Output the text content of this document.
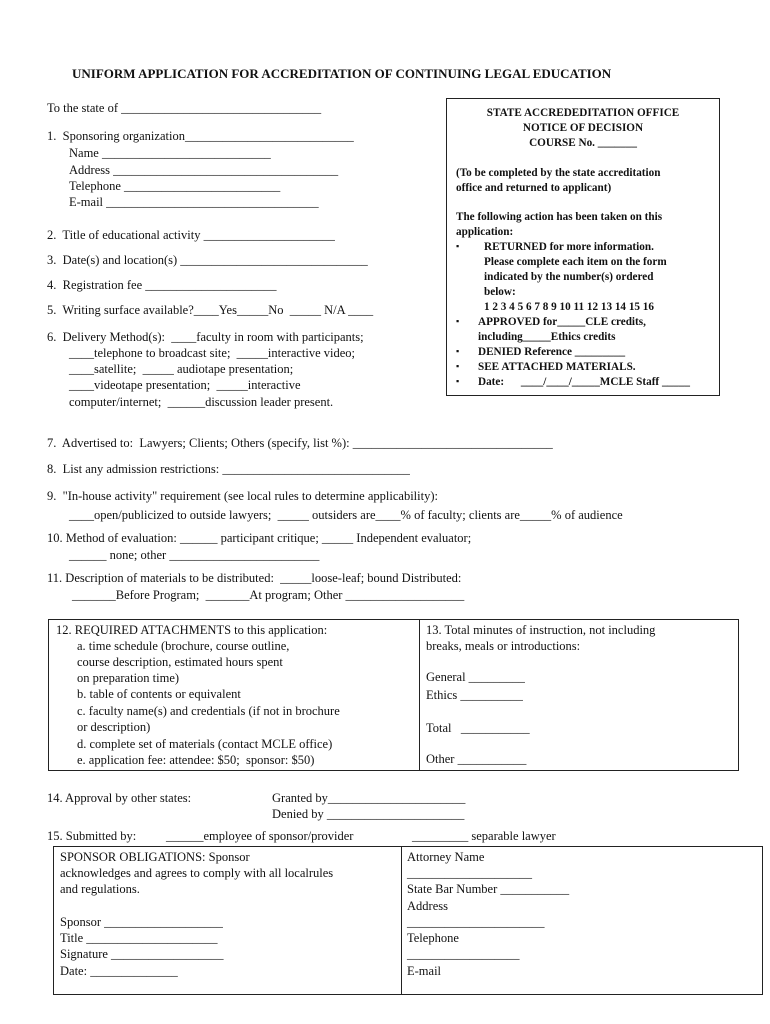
UNIFORM APPLICATION FOR ACCREDITATION OF CONTINUING LEGAL EDUCATION
To the state of ________________________________
1.  Sponsoring organization___________________________
Name ___________________________
Address ____________________________________
Telephone _________________________
E-mail __________________________________
2.  Title of educational activity _____________________
3.  Date(s) and location(s) ______________________________
4.  Registration fee _____________________
5.  Writing surface available?____Yes_____No  _____ N/A ____
6.  Delivery Method(s):  ____faculty in room with participants;
____telephone to broadcast site;  _____interactive video;
____satellite;  _____ audiotape presentation;
____videotape presentation;  _____interactive
computer/internet;  ______discussion leader present.
STATE ACCREDEDITATION OFFICE
NOTICE OF DECISION
COURSE No. _______
(To be completed by the state accreditation
office and returned to applicant)
The following action has been taken on this
application:
▪ RETURNED for more information.
Please complete each item on the form
indicated by the number(s) ordered
below:
1 2 3 4 5 6 7 8 9 10 11 12 13 14 15 16
▪ APPROVED for_____CLE credits,
including_____Ethics credits
▪ DENIED Reference _________
▪ SEE ATTACHED MATERIALS.
▪ Date:      ____/____/_____MCLE Staff _____
7.  Advertised to:  Lawyers; Clients; Others (specify, list %): ________________________________
8.  List any admission restrictions: ______________________________
9.  "In-house activity" requirement (see local rules to determine applicability):
____open/publicized to outside lawyers;  _____ outsiders are____% of faculty; clients are_____% of audience
10. Method of evaluation: ______ participant critique; _____ Independent evaluator;
______ none; other ________________________
11. Description of materials to be distributed:  _____loose-leaf; bound Distributed:
_______Before Program;  _______At program; Other ___________________
12. REQUIRED ATTACHMENTS to this application:
a. time schedule (brochure, course outline,
course description, estimated hours spent
on preparation time)
b. table of contents or equivalent
c. faculty name(s) and credentials (if not in brochure
or description)
d. complete set of materials (contact MCLE office)
e. application fee: attendee: $50;  sponsor: $50)
13. Total minutes of instruction, not including
breaks, meals or introductions:
General _________
Ethics __________
Total   ___________
Other ___________
14. Approval by other states:	Granted by______________________
Denied by ______________________
15. Submitted by: ______employee of sponsor/provider	_________ separable lawyer
SPONSOR OBLIGATIONS: Sponsor
acknowledges and agrees to comply with all localrules
and regulations.
Sponsor ___________________
Title _____________________
Signature __________________
Date: ______________
Attorney Name
____________________
State Bar Number ___________
Address
______________________
Telephone
__________________
E-mail
